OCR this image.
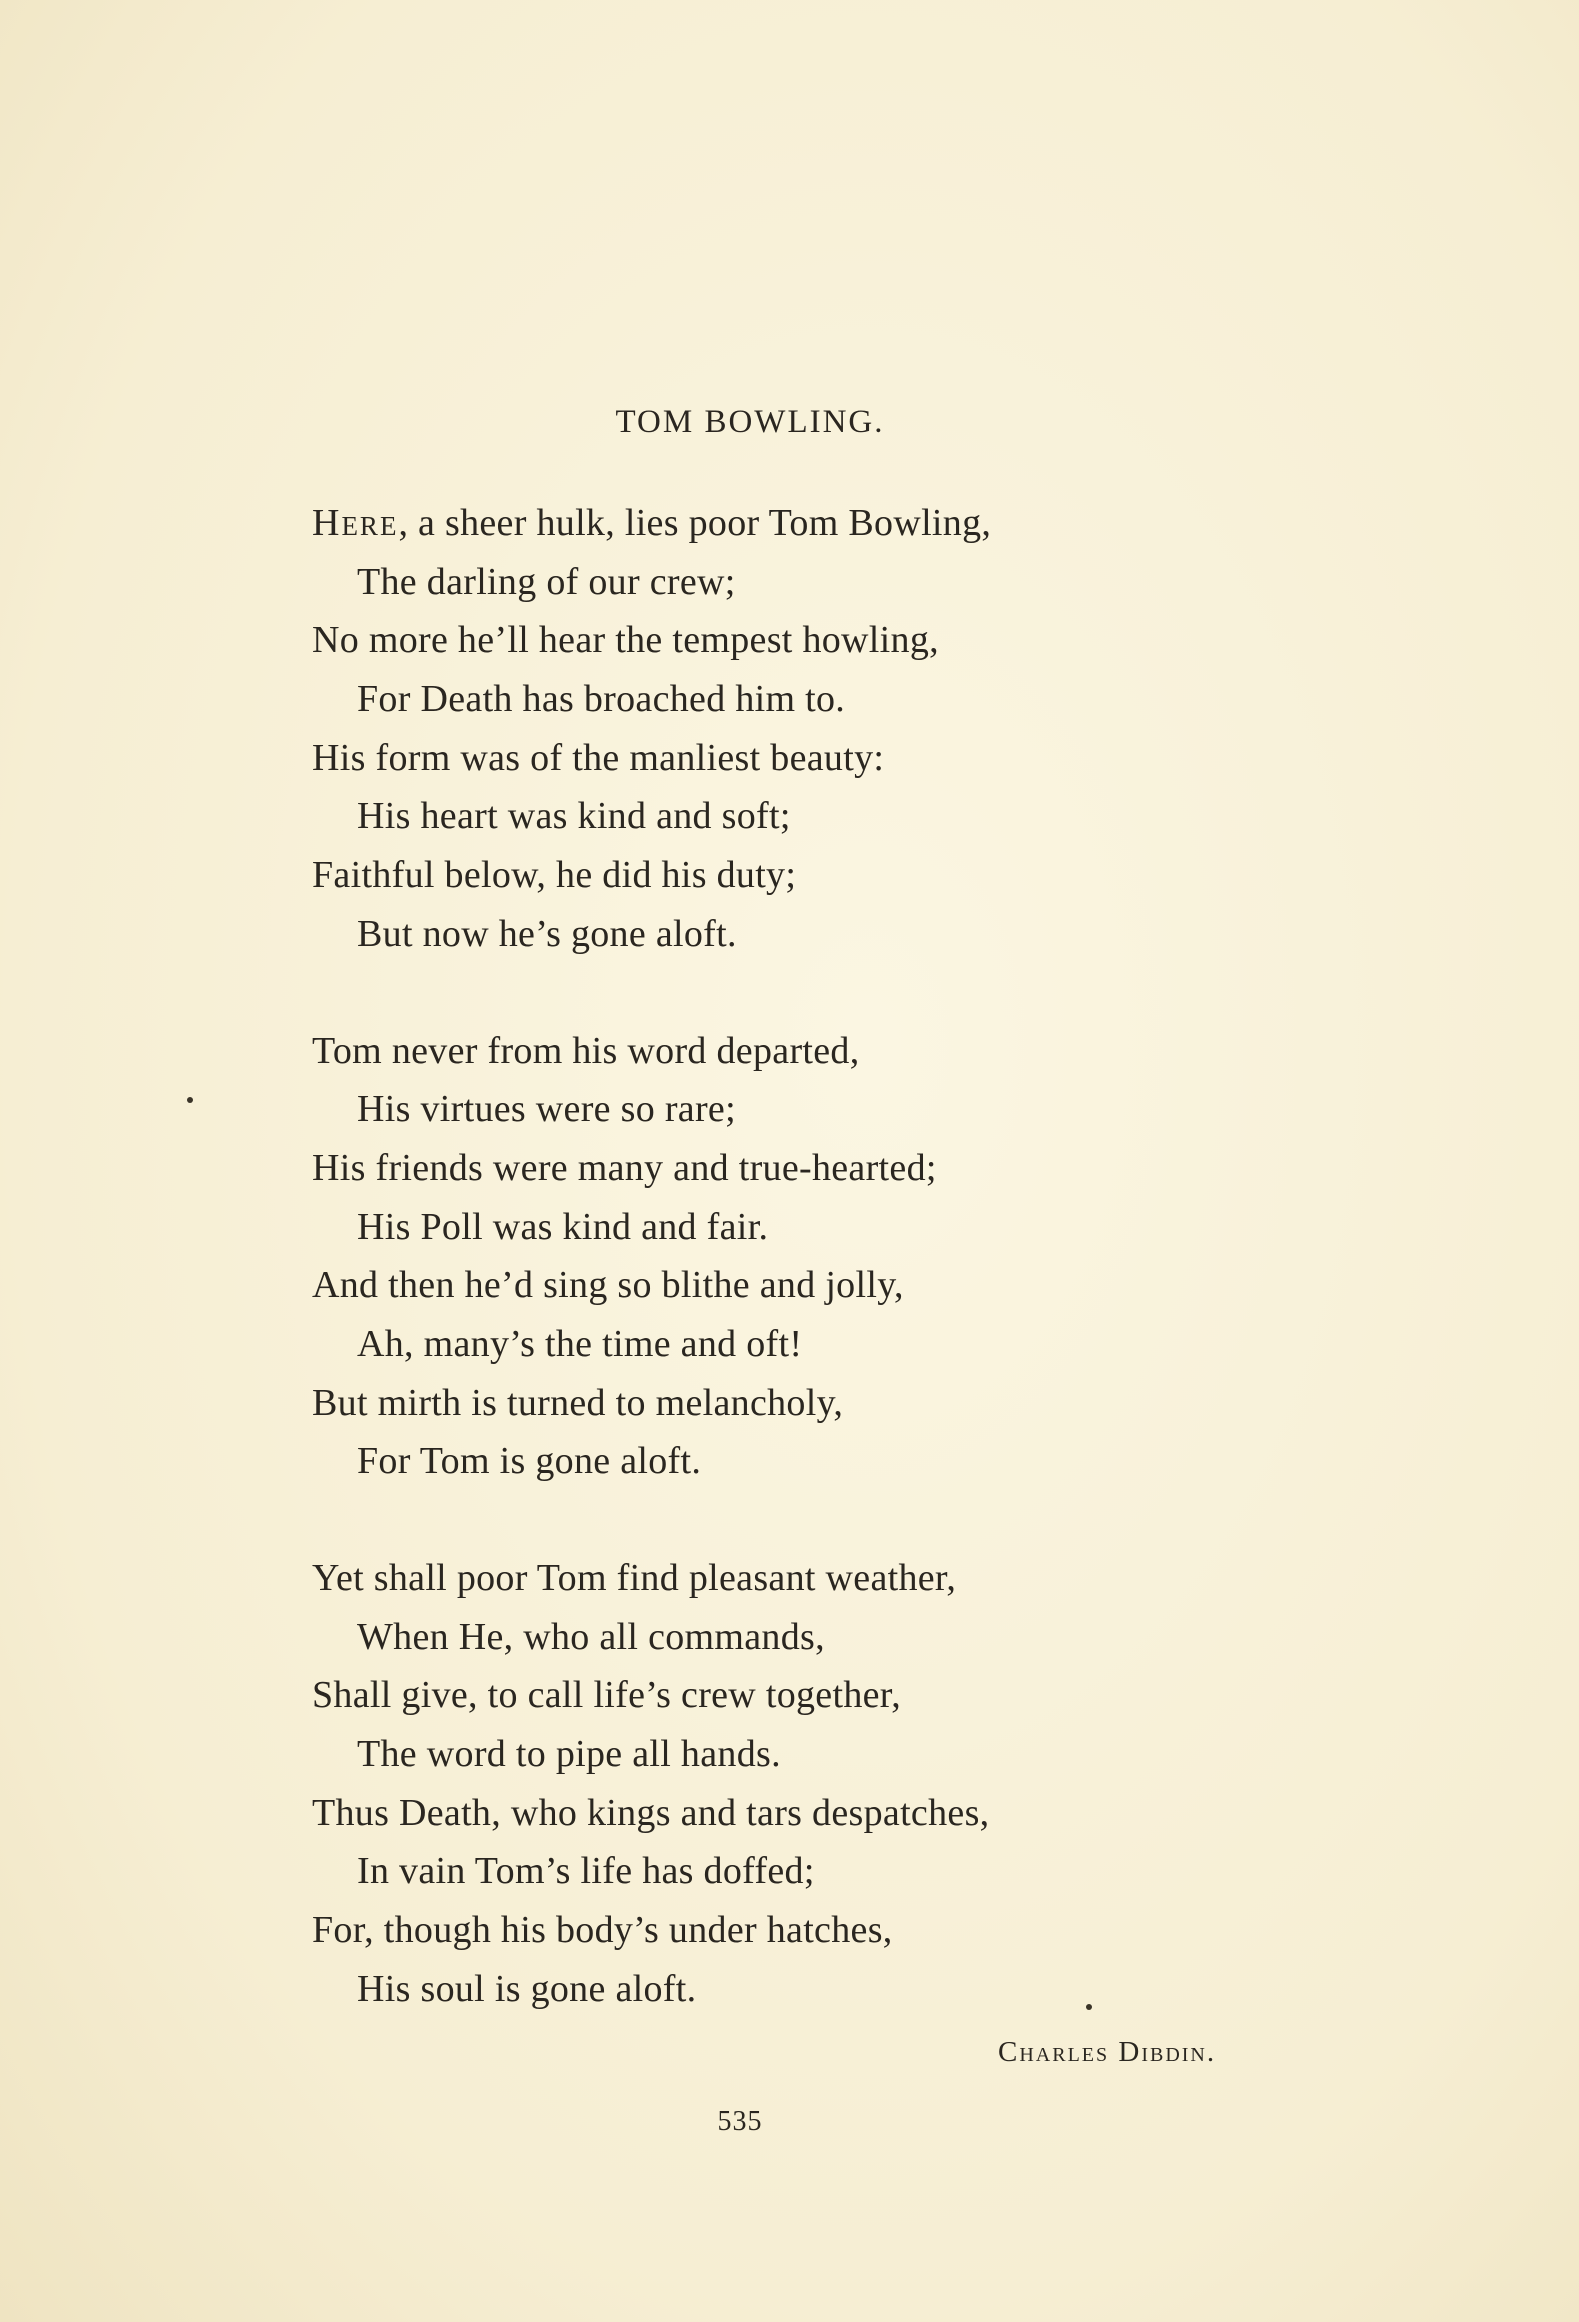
TOM BOWLING.
Here, a sheer hulk, lies poor Tom Bowling,
The darling of our crew;
No more he’ll hear the tempest howling,
For Death has broached him to.
His form was of the manliest beauty:
His heart was kind and soft;
Faithful below, he did his duty;
But now he’s gone aloft.
Tom never from his word departed,
His virtues were so rare;
His friends were many and true-hearted;
His Poll was kind and fair.
And then he’d sing so blithe and jolly,
Ah, many’s the time and oft!
But mirth is turned to melancholy,
For Tom is gone aloft.
Yet shall poor Tom find pleasant weather,
When He, who all commands,
Shall give, to call life’s crew together,
The word to pipe all hands.
Thus Death, who kings and tars despatches,
In vain Tom’s life has doffed;
For, though his body’s under hatches,
His soul is gone aloft.
Charles Dibdin.
535
